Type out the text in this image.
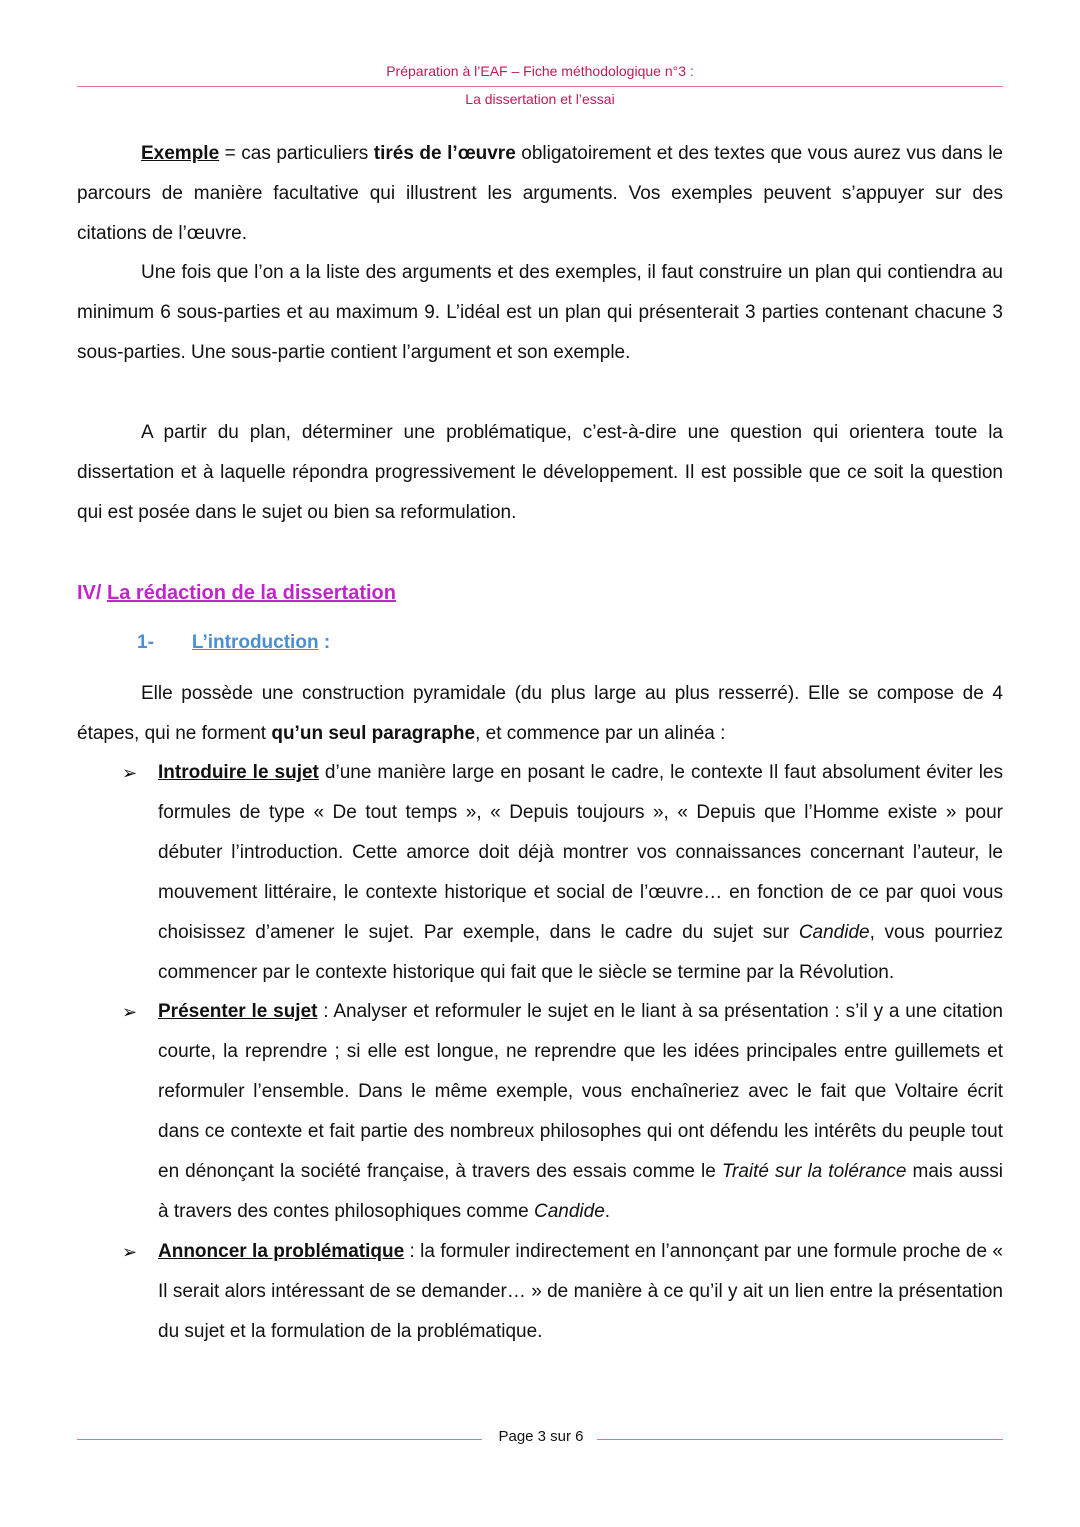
Préparation à l’EAF – Fiche méthodologique n°3 :
La dissertation et l’essai
Exemple = cas particuliers tirés de l’œuvre obligatoirement et des textes que vous aurez vus dans le parcours de manière facultative qui illustrent les arguments. Vos exemples peuvent s’appuyer sur des citations de l’œuvre.
Une fois que l’on a la liste des arguments et des exemples, il faut construire un plan qui contiendra au minimum 6 sous-parties et au maximum 9. L’idéal est un plan qui présenterait 3 parties contenant chacune 3 sous-parties. Une sous-partie contient l’argument et son exemple.
A partir du plan, déterminer une problématique, c’est-à-dire une question qui orientera toute la dissertation et à laquelle répondra progressivement le développement. Il est possible que ce soit la question qui est posée dans le sujet ou bien sa reformulation.
IV/ La rédaction de la dissertation
1- L’introduction :
Elle possède une construction pyramidale (du plus large au plus resserré). Elle se compose de 4 étapes, qui ne forment qu’un seul paragraphe, et commence par un alinéa :
➢	Introduire le sujet d’une manière large en posant le cadre, le contexte Il faut absolument éviter les formules de type « De tout temps », « Depuis toujours », « Depuis que l’Homme existe » pour débuter l’introduction. Cette amorce doit déjà montrer vos connaissances concernant l’auteur, le mouvement littéraire, le contexte historique et social de l’œuvre… en fonction de ce par quoi vous choisissez d’amener le sujet. Par exemple, dans le cadre du sujet sur Candide, vous pourriez commencer par le contexte historique qui fait que le siècle se termine par la Révolution.
➢	Présenter le sujet : Analyser et reformuler le sujet en le liant à sa présentation : s’il y a une citation courte, la reprendre ; si elle est longue, ne reprendre que les idées principales entre guillemets et reformuler l’ensemble. Dans le même exemple, vous enchaîneriez avec le fait que Voltaire écrit dans ce contexte et fait partie des nombreux philosophes qui ont défendu les intérêts du peuple tout en dénonçant la société française, à travers des essais comme le Traité sur la tolérance mais aussi à travers des contes philosophiques comme Candide.
➢	Annoncer la problématique : la formuler indirectement en l’annonçant par une formule proche de « Il serait alors intéressant de se demander… » de manière à ce qu’il y ait un lien entre la présentation du sujet et la formulation de la problématique.
Page 3 sur 6
